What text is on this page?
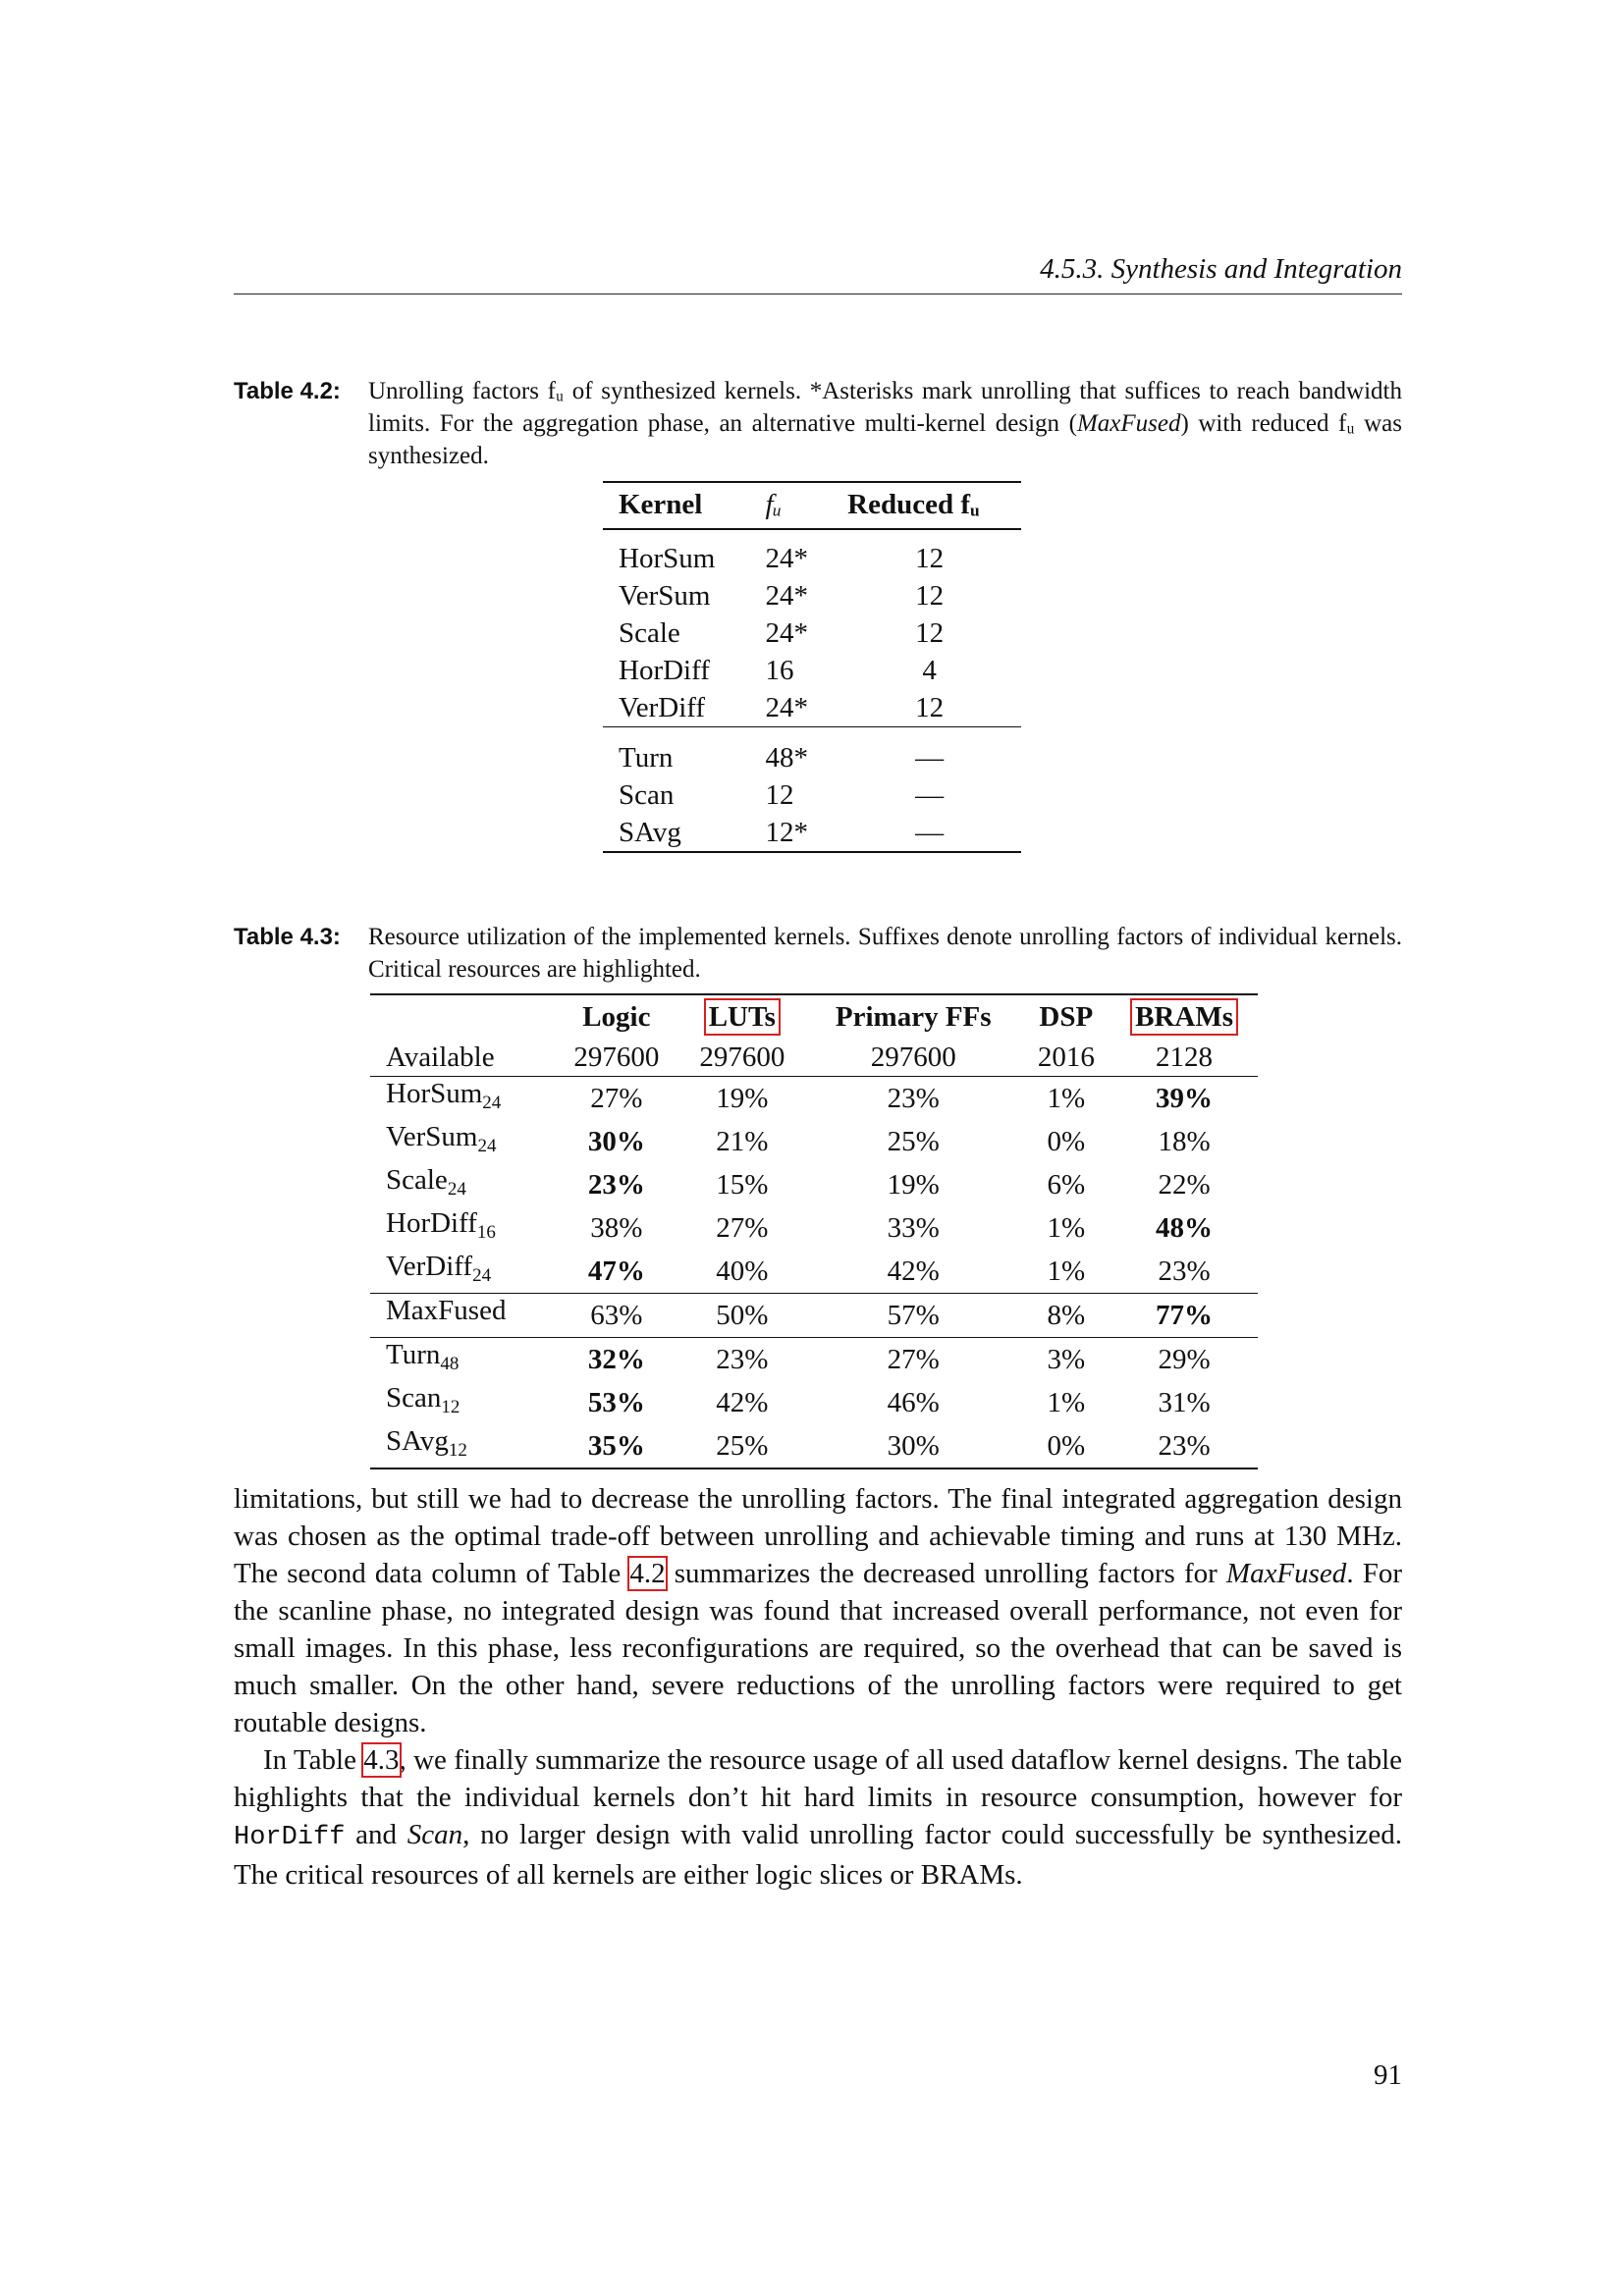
4.5.3. Synthesis and Integration
Table 4.2: Unrolling factors fᵤ of synthesized kernels. *Asterisks mark unrolling that suffices to reach bandwidth limits. For the aggregation phase, an alternative multi-kernel design (MaxFused) with reduced fᵤ was synthesized.
Kernel	fᵤ	Reduced fᵤ
HorSum	24*	12
VerSum	24*	12
Scale	24*	12
HorDiff	16	4
VerDiff	24*	12
Turn	48*	—
Scan	12	—
SAvg	12*	—
Table 4.3: Resource utilization of the implemented kernels. Suffixes denote unrolling factors of individual kernels. Critical resources are highlighted.
	Logic	LUTs	Primary FFs	DSP	BRAMs
Available	297600	297600	297600	2016	2128
HorSum$_{24}$	27%	19%	23%	1%	39%
VerSum$_{24}$	30%	21%	25%	0%	18%
Scale$_{24}$	23%	15%	19%	6%	22%
HorDiff$_{16}$	38%	27%	33%	1%	48%
VerDiff$_{24}$	47%	40%	42%	1%	23%
MaxFused	63%	50%	57%	8%	77%
Turn$_{48}$	32%	23%	27%	3%	29%
Scan$_{12}$	53%	42%	46%	1%	31%
SAvg$_{12}$	35%	25%	30%	0%	23%

limitations, but still we had to decrease the unrolling factors. The final integrated aggregation design was chosen as the optimal trade-off between unrolling and achievable timing and runs at 130 MHz. The second data column of Table 4.2 summarizes the decreased unrolling factors for MaxFused. For the scanline phase, no integrated design was found that increased overall performance, not even for small images. In this phase, less reconfigurations are required, so the overhead that can be saved is much smaller. On the other hand, severe reductions of the unrolling factors were required to get routable designs.

In Table 4.3, we finally summarize the resource usage of all used dataflow kernel designs. The table highlights that the individual kernels don’t hit hard limits in resource consumption, however for HorDiff and Scan, no larger design with valid unrolling factor could successfully be synthesized. The critical resources of all kernels are either logic slices or BRAMs.

91
